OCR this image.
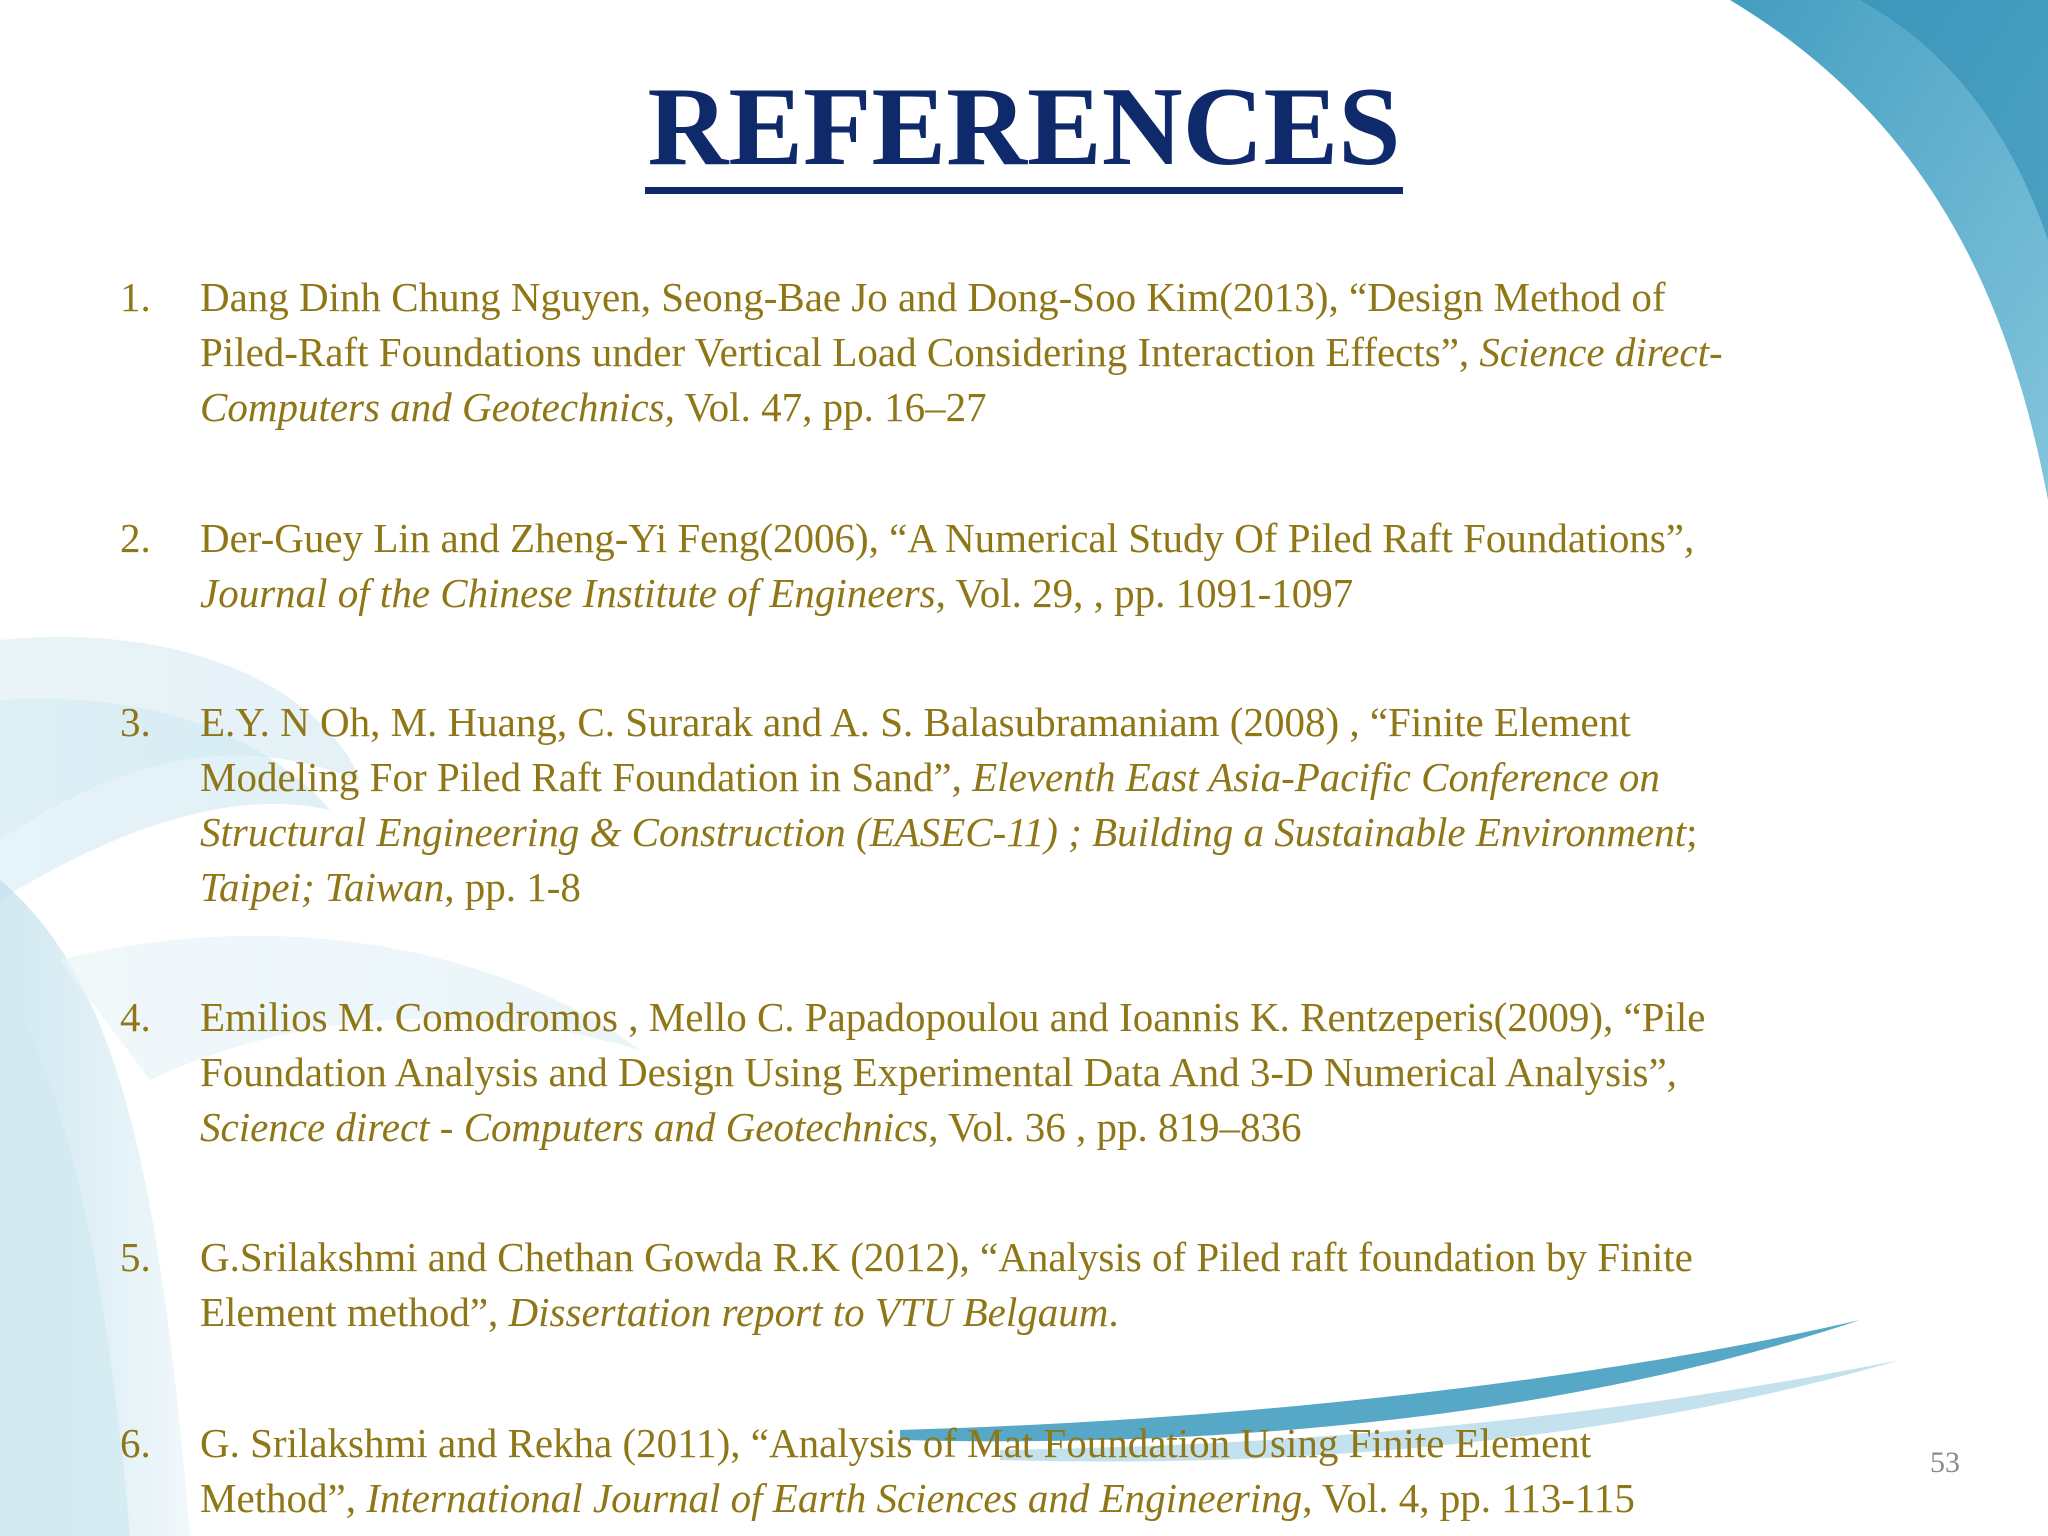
REFERENCES
1.	Dang Dinh Chung Nguyen, Seong-Bae Jo and Dong-Soo Kim(2013), “Design Method of
Piled-Raft Foundations under Vertical Load Considering Interaction Effects”, Science direct-
Computers and Geotechnics, Vol. 47, pp. 16–27
2.	Der-Guey Lin and Zheng-Yi Feng(2006), “A Numerical Study Of Piled Raft Foundations”,
Journal of the Chinese Institute of Engineers, Vol. 29, , pp. 1091-1097
3.	E.Y. N Oh, M. Huang, C. Surarak and A. S. Balasubramaniam (2008) , “Finite Element
Modeling For Piled Raft Foundation in Sand”, Eleventh East Asia-Pacific Conference on
Structural Engineering & Construction (EASEC-11) ; Building a Sustainable Environment;
Taipei; Taiwan, pp. 1-8
4.	Emilios M. Comodromos , Mello C. Papadopoulou and Ioannis K. Rentzeperis(2009), “Pile
Foundation Analysis and Design Using Experimental Data And 3-D Numerical Analysis”,
Science direct - Computers and Geotechnics, Vol. 36 , pp. 819–836
5.	G.Srilakshmi and Chethan Gowda R.K (2012), “Analysis of Piled raft foundation by Finite
Element method”, Dissertation report to VTU Belgaum.
6.	G. Srilakshmi and Rekha (2011), “Analysis of Mat Foundation Using Finite Element
Method”, International Journal of Earth Sciences and Engineering, Vol. 4, pp. 113-115
53
